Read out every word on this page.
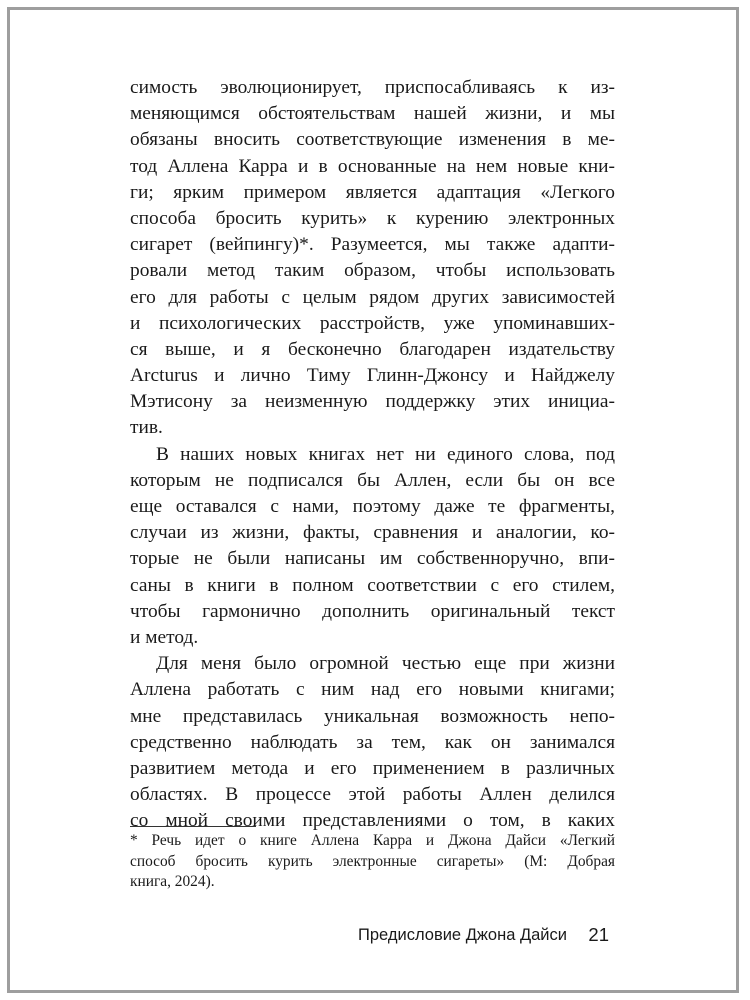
симость эволюционирует, приспосабливаясь к из-
меняющимся обстоятельствам нашей жизни, и мы
обязаны вносить соответствующие изменения в ме-
тод Аллена Карра и в основанные на нем новые кни-
ги; ярким примером является адаптация «Легкого
способа бросить курить» к курению электронных
сигарет (вейпингу)*. Разумеется, мы также адапти-
ровали метод таким образом, чтобы использовать
его для работы с целым рядом других зависимостей
и психологических расстройств, уже упоминавших-
ся выше, и я бесконечно благодарен издательству
Arcturus и лично Тиму Глинн-Джонсу и Найджелу
Мэтисону за неизменную поддержку этих инициа-
тив.
В наших новых книгах нет ни единого слова, под
которым не подписался бы Аллен, если бы он все
еще оставался с нами, поэтому даже те фрагменты,
случаи из жизни, факты, сравнения и аналогии, ко-
торые не были написаны им собственноручно, впи-
саны в книги в полном соответствии с его стилем,
чтобы гармонично дополнить оригинальный текст
и метод.
Для меня было огромной честью еще при жизни
Аллена работать с ним над его новыми книгами;
мне представилась уникальная возможность непо-
средственно наблюдать за тем, как он занимался
развитием метода и его применением в различных
областях. В процессе этой работы Аллен делился
со мной своими представлениями о том, в каких
* Речь идет о книге Аллена Карра и Джона Дайси «Легкий
способ бросить курить электронные сигареты» (М: Добрая
книга, 2024).
Предисловие Джона Дайси 21
